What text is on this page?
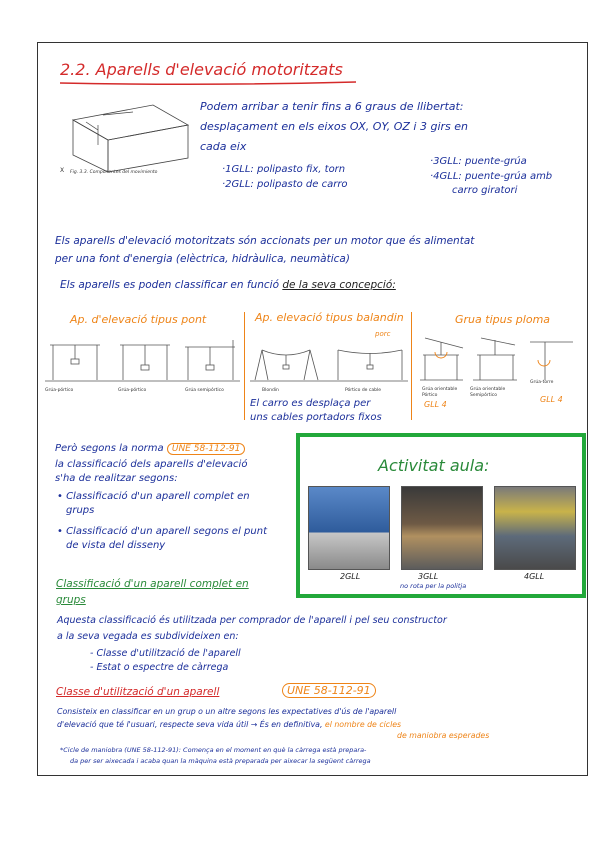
2.2. Aparells d'elevació motoritzats
X Fig. 3.3. Componentes del movimiento
Podem arribar a tenir fins a 6 graus de llibertat:
desplaçament en els eixos OX, OY, OZ i 3 girs en
cada eix
·1GLL: polipasto fix, torn
·2GLL: polipasto de carro
·3GLL: puente-grúa
·4GLL: puente-grúa amb
carro giratori
Els aparells d'elevació motoritzats són accionats per un motor que és alimentat
per una font d'energia (elèctrica, hidràulica, neumàtica)
Els aparells es poden classificar en funció de la seva concepció:
Ap. d'elevació tipus pont	Ap. elevació tipus balandin	Grua tipus ploma
porc
Grúa-pórtico	Grúa-pórtico	Grúa semipórtico	Blondin	Pórtico de cable
El carro es desplaça per
uns cables portadors fixos
Grúa orientable Pórtico
Grúa orientable Semipórtico
Grúa-torre
GLL 4
GLL 4
Però segons la norma UNE 58-112-91
la classificació dels aparells d'elevació
s'ha de realitzar segons:
• Classificació d'un aparell complet en
grups
• Classificació d'un aparell segons el punt
de vista del disseny
Activitat aula:
2GLL	3GLL
no rota per la politja
4GLL
Classificació d'un aparell complet en
grups
Aquesta classificació és utilitzada per comprador de l'aparell i pel seu constructor
a la seva vegada es subdivideixen en:
- Classe d'utilització de l'aparell
- Estat o espectre de càrrega
Classe d'utilització d'un aparell	UNE 58-112-91
Consisteix en classificar en un grup o un altre segons les expectatives d'ús de l'aparell
d'elevació que té l'usuari, respecte seva vida útil → És en definitiva, el nombre de cicles
de maniobra esperades
*Cicle de maniobra (UNE 58-112-91): Comença en el moment en què la càrrega està prepara-
da per ser aixecada i acaba quan la màquina està preparada per aixecar la següent càrrega
